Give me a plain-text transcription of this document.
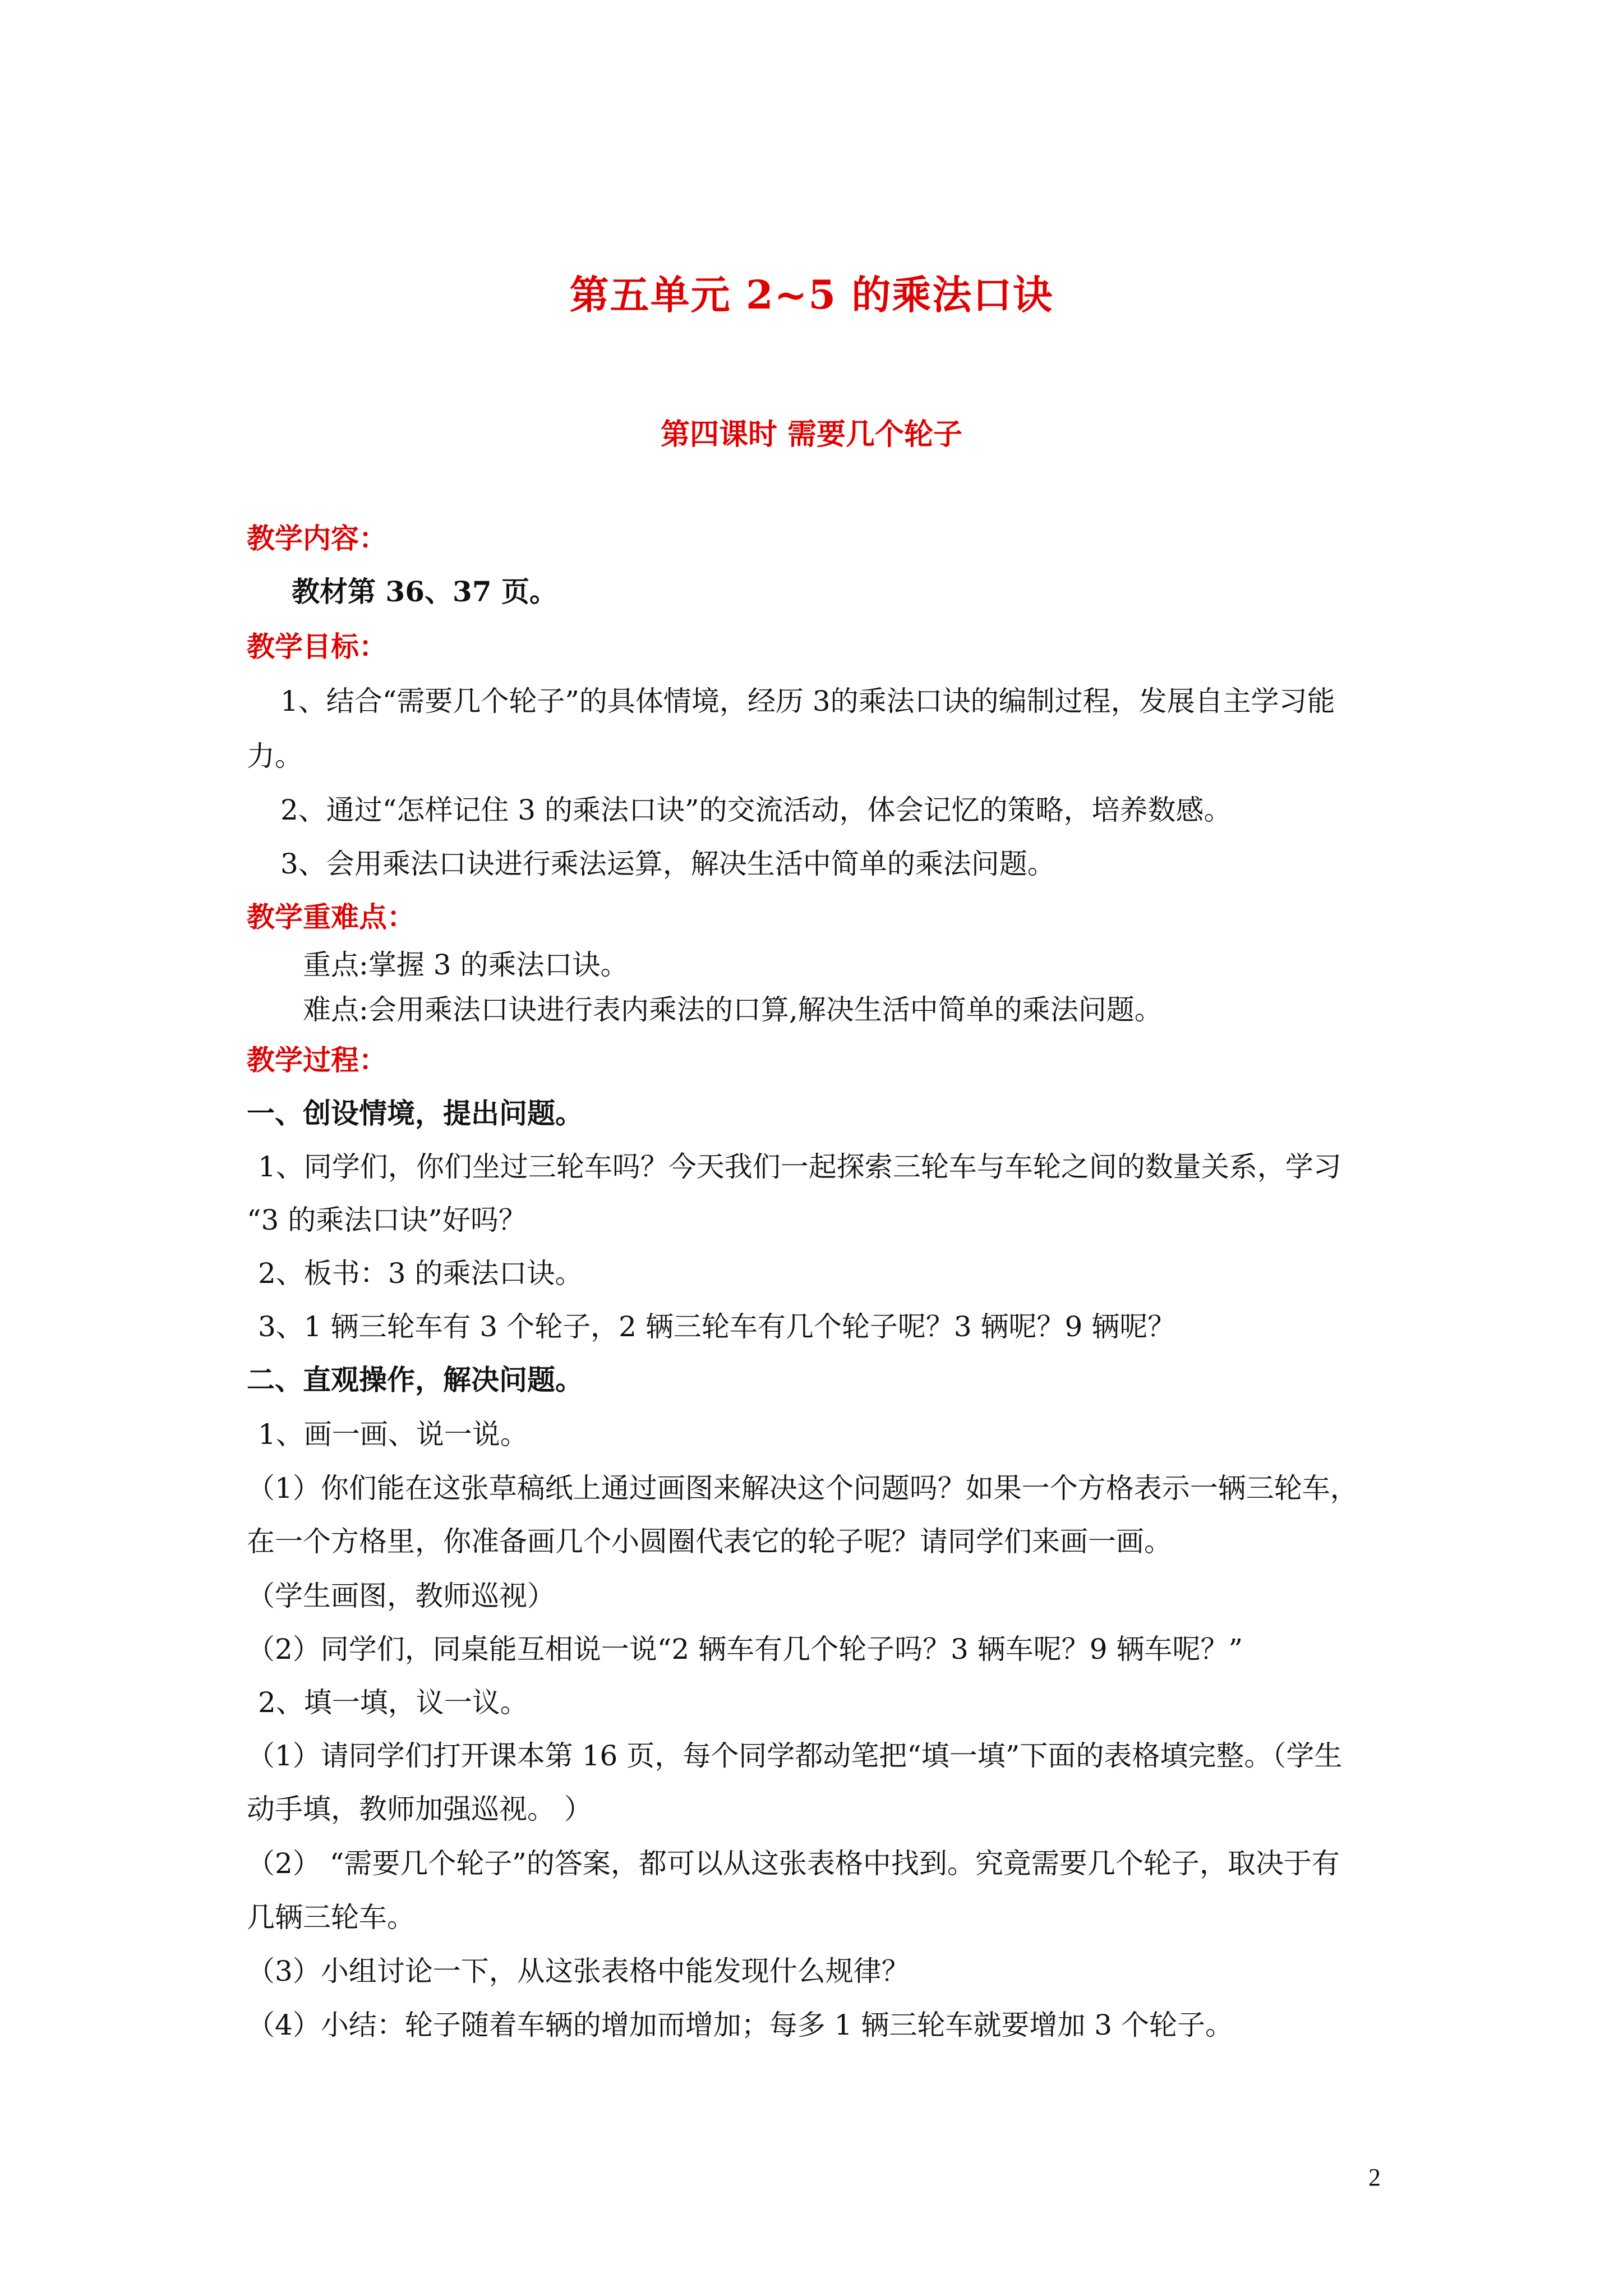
第五单元 2~5 的乘法口诀
第四课时 需要几个轮子
教学内容：
教材第 36、37 页。
教学目标：
1、结合“需要几个轮子”的具体情境，经历 3的乘法口诀的编制过程，发展自主学习能
力。
2、通过“怎样记住 3 的乘法口诀”的交流活动，体会记忆的策略，培养数感。
3、会用乘法口诀进行乘法运算，解决生活中简单的乘法问题。
教学重难点：
重点:掌握 3 的乘法口诀。
难点:会用乘法口诀进行表内乘法的口算,解决生活中简单的乘法问题。
教学过程：
一、创设情境，提出问题。
1、同学们，你们坐过三轮车吗？今天我们一起探索三轮车与车轮之间的数量关系，学习
“3 的乘法口诀”好吗？
2、板书：3 的乘法口诀。
3、1 辆三轮车有 3 个轮子，2 辆三轮车有几个轮子呢？3 辆呢？9 辆呢？
二、直观操作，解决问题。
1、画一画、说一说。
（1）你们能在这张草稿纸上通过画图来解决这个问题吗？如果一个方格表示一辆三轮车，
在一个方格里，你准备画几个小圆圈代表它的轮子呢？请同学们来画一画。
（学生画图，教师巡视）
（2）同学们，同桌能互相说一说“2 辆车有几个轮子吗？3 辆车呢？9 辆车呢？”
2、填一填，议一议。
（1）请同学们打开课本第 16 页，每个同学都动笔把“填一填”下面的表格填完整。（学生
动手填，教师加强巡视。 ）
（2） “需要几个轮子”的答案，都可以从这张表格中找到。究竟需要几个轮子，取决于有
几辆三轮车。
（3）小组讨论一下，从这张表格中能发现什么规律？
（4）小结：轮子随着车辆的增加而增加；每多 1 辆三轮车就要增加 3 个轮子。
2
